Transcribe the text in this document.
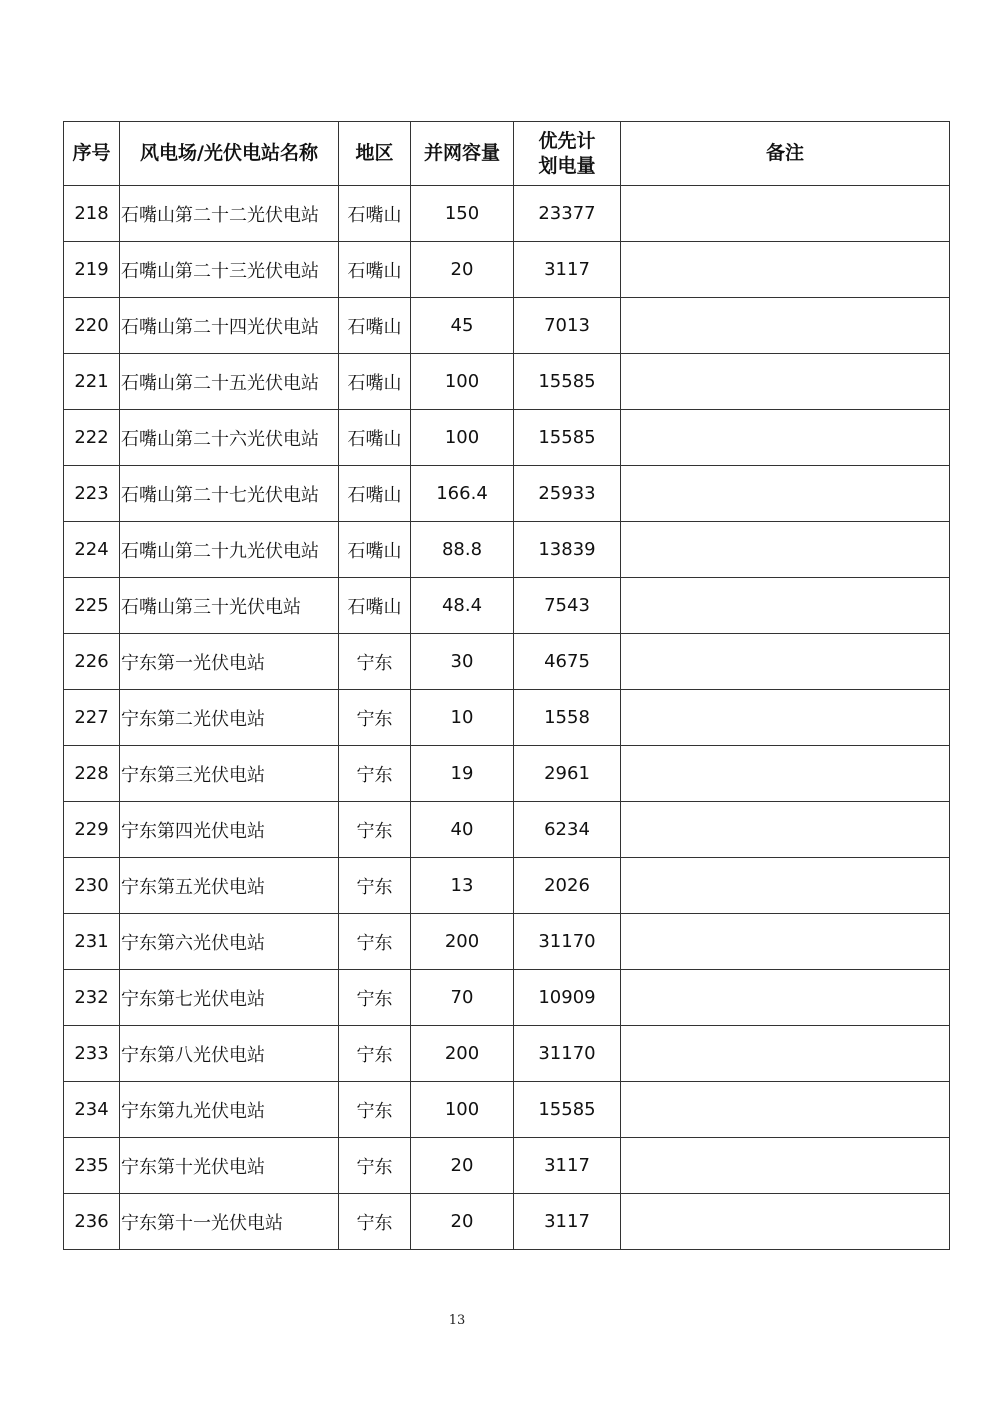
序号	风电场/光伏电站名称	地区	并网容量	优先计
划电量	备注
218	石嘴山第二十二光伏电站	石嘴山	150	23377	
219	石嘴山第二十三光伏电站	石嘴山	20	3117	
220	石嘴山第二十四光伏电站	石嘴山	45	7013	
221	石嘴山第二十五光伏电站	石嘴山	100	15585	
222	石嘴山第二十六光伏电站	石嘴山	100	15585	
223	石嘴山第二十七光伏电站	石嘴山	166.4	25933	
224	石嘴山第二十九光伏电站	石嘴山	88.8	13839	
225	石嘴山第三十光伏电站	石嘴山	48.4	7543	
226	宁东第一光伏电站	宁东	30	4675	
227	宁东第二光伏电站	宁东	10	1558	
228	宁东第三光伏电站	宁东	19	2961	
229	宁东第四光伏电站	宁东	40	6234	
230	宁东第五光伏电站	宁东	13	2026	
231	宁东第六光伏电站	宁东	200	31170	
232	宁东第七光伏电站	宁东	70	10909	
233	宁东第八光伏电站	宁东	200	31170	
234	宁东第九光伏电站	宁东	100	15585	
235	宁东第十光伏电站	宁东	20	3117	
236	宁东第十一光伏电站	宁东	20	3117	
13
